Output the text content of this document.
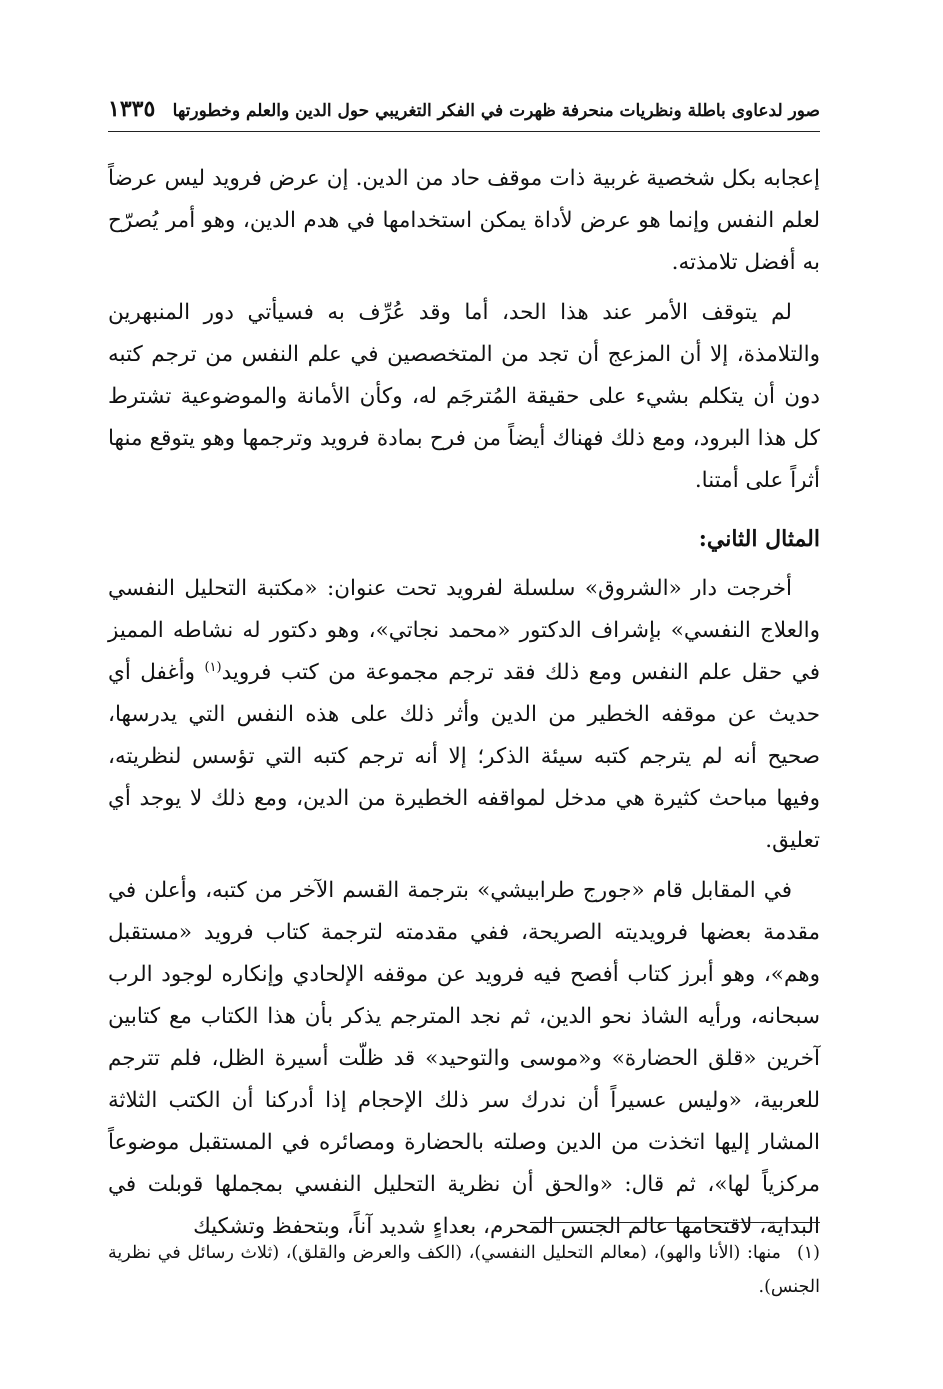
صور لدعاوى باطلة ونظريات منحرفة ظهرت في الفكر التغريبي حول الدين والعلم وخطورتها
١٣٣٥

إعجابه بكل شخصية غربية ذات موقف حاد من الدين. إن عرض فرويد ليس عرضاً لعلم النفس وإنما هو عرض لأداة يمكن استخدامها في هدم الدين، وهو أمر يُصرّح به أفضل تلامذته.

لم يتوقف الأمر عند هذا الحد، أما وقد عُرِّف به فسيأتي دور المنبهرين والتلامذة، إلا أن المزعج أن تجد من المتخصصين في علم النفس من ترجم كتبه دون أن يتكلم بشيء على حقيقة المُترجَم له، وكأن الأمانة والموضوعية تشترط كل هذا البرود، ومع ذلك فهناك أيضاً من فرح بمادة فرويد وترجمها وهو يتوقع منها أثراً على أمتنا.

المثال الثاني:

أخرجت دار «الشروق» سلسلة لفرويد تحت عنوان: «مكتبة التحليل النفسي والعلاج النفسي» بإشراف الدكتور «محمد نجاتي»، وهو دكتور له نشاطه المميز في حقل علم النفس ومع ذلك فقد ترجم مجموعة من كتب فرويد$^{(١)}$ وأغفل أي حديث عن موقفه الخطير من الدين وأثر ذلك على هذه النفس التي يدرسها، صحيح أنه لم يترجم كتبه سيئة الذكر؛ إلا أنه ترجم كتبه التي تؤسس لنظريته، وفيها مباحث كثيرة هي مدخل لمواقفه الخطيرة من الدين، ومع ذلك لا يوجد أي تعليق.

في المقابل قام «جورج طرابيشي» بترجمة القسم الآخر من كتبه، وأعلن في مقدمة بعضها فرويديته الصريحة، ففي مقدمته لترجمة كتاب فرويد «مستقبل وهم»، وهو أبرز كتاب أفصح فيه فرويد عن موقفه الإلحادي وإنكاره لوجود الرب سبحانه، ورأيه الشاذ نحو الدين، ثم نجد المترجم يذكر بأن هذا الكتاب مع كتابين آخرين «قلق الحضارة» و«موسى والتوحيد» قد ظلّت أسيرة الظل، فلم تترجم للعربية، «وليس عسيراً أن ندرك سر ذلك الإحجام إذا أدركنا أن الكتب الثلاثة المشار إليها اتخذت من الدين وصلته بالحضارة ومصائره في المستقبل موضوعاً مركزياً لها»، ثم قال: «والحق أن نظرية التحليل النفسي بمجملها قوبلت في البداية، لاقتحامها عالم الجنس المحرم، بعداءٍ شديد آناً، وبتحفظ وتشكيك

(١)منها: (الأنا والهو)، (معالم التحليل النفسي)، (الكف والعرض والقلق)، (ثلاث رسائل في نظرية الجنس).
